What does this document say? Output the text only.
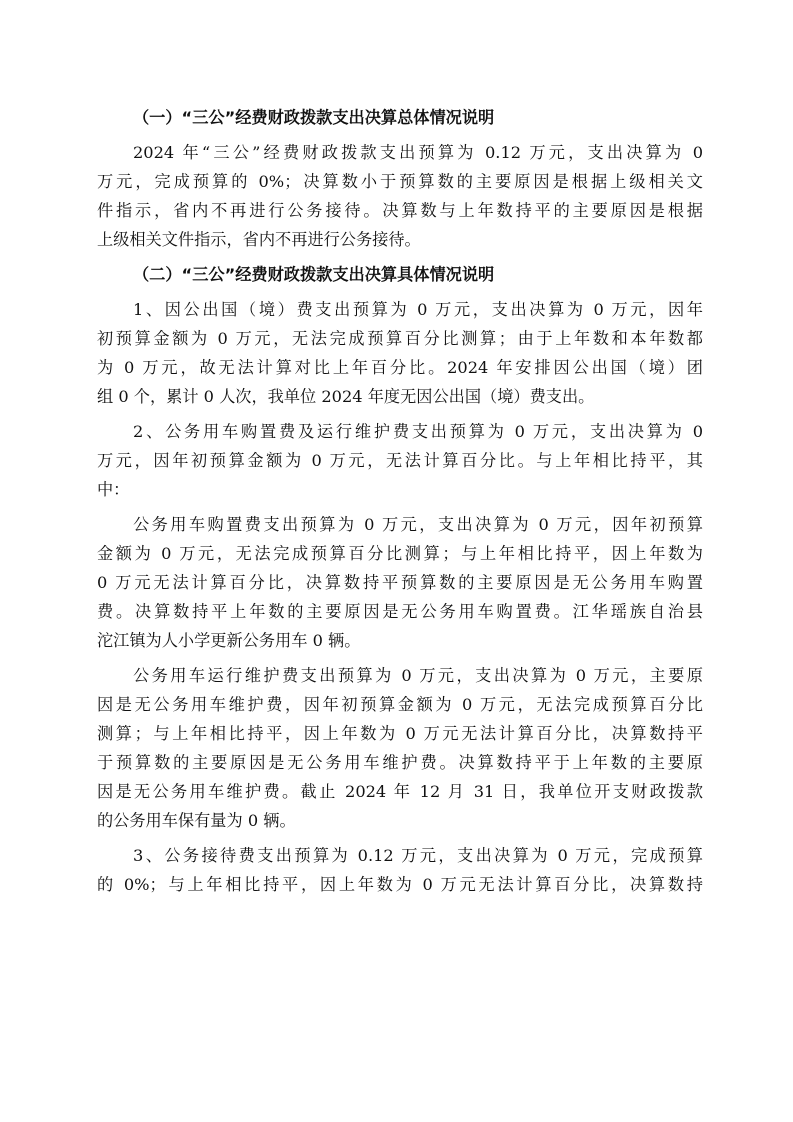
（一）“三公”经费财政拨款支出决算总体情况说明
2024 年“三公”经费财政拨款支出预算为 0.12 万元，支出决算为 0
万元，完成预算的 0%；决算数小于预算数的主要原因是根据上级相关文
件指示，省内不再进行公务接待。决算数与上年数持平的主要原因是根据
上级相关文件指示，省内不再进行公务接待。
（二）“三公”经费财政拨款支出决算具体情况说明
1、因公出国（境）费支出预算为 0 万元，支出决算为 0 万元，因年
初预算金额为 0 万元，无法完成预算百分比测算；由于上年数和本年数都
为 0 万元，故无法计算对比上年百分比。2024 年安排因公出国（境）团
组 0 个，累计 0 人次，我单位 2024 年度无因公出国（境）费支出。
2、公务用车购置费及运行维护费支出预算为 0 万元，支出决算为 0
万元，因年初预算金额为 0 万元，无法计算百分比。与上年相比持平，其
中：
公务用车购置费支出预算为 0 万元，支出决算为 0 万元，因年初预算
金额为 0 万元，无法完成预算百分比测算；与上年相比持平，因上年数为
0 万元无法计算百分比，决算数持平预算数的主要原因是无公务用车购置
费。决算数持平上年数的主要原因是无公务用车购置费。江华瑶族自治县
沱江镇为人小学更新公务用车 0 辆。
公务用车运行维护费支出预算为 0 万元，支出决算为 0 万元，主要原
因是无公务用车维护费，因年初预算金额为 0 万元，无法完成预算百分比
测算；与上年相比持平，因上年数为 0 万元无法计算百分比，决算数持平
于预算数的主要原因是无公务用车维护费。决算数持平于上年数的主要原
因是无公务用车维护费。截止 2024 年 12 月 31 日，我单位开支财政拨款
的公务用车保有量为 0 辆。
3、公务接待费支出预算为 0.12 万元，支出决算为 0 万元，完成预算
的 0%；与上年相比持平，因上年数为 0 万元无法计算百分比，决算数持
